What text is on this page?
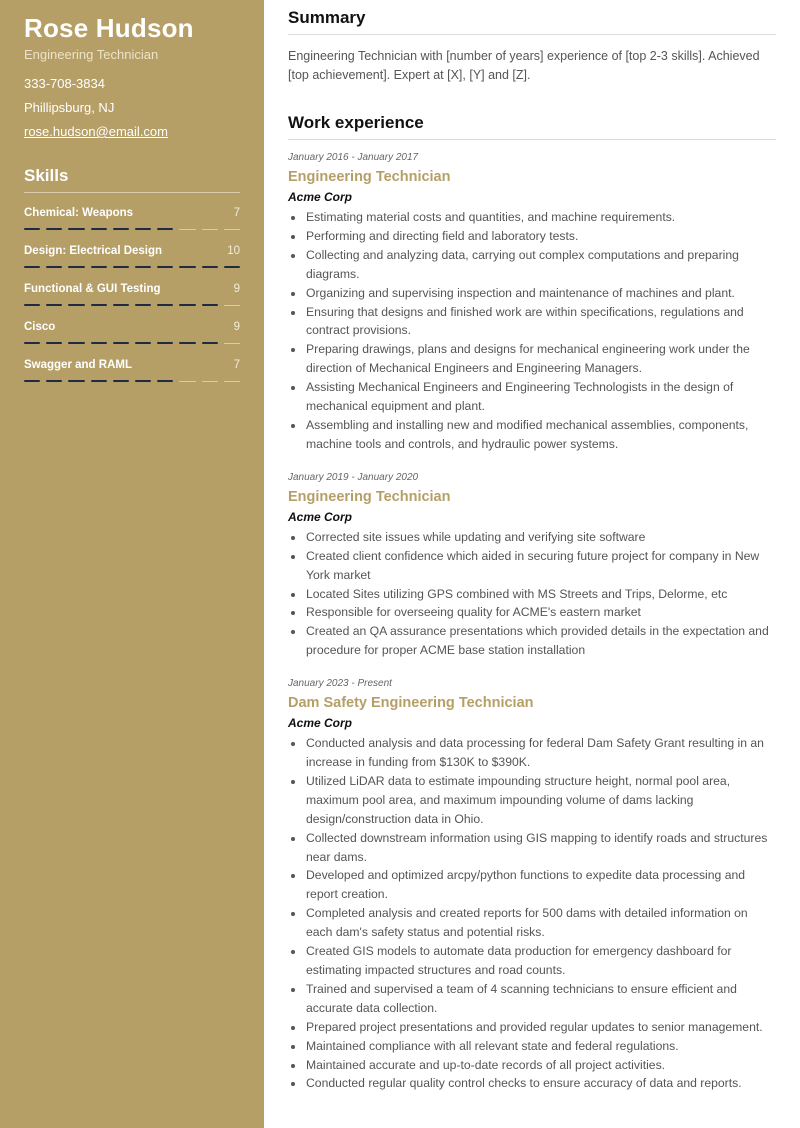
Rose Hudson
Engineering Technician

333-708-3834

Phillipsburg, NJ

rose.hudson@email.com

Skills
Chemical: Weapons	7
Design: Electrical Design	10
Functional & GUI Testing	9
Cisco	9
Swagger and RAML	7
Summary

Engineering Technician with [number of years] experience of [top 2-3 skills]. Achieved [top achievement]. Expert at [X], [Y] and [Z].

Work experience
January 2016 - January 2017
Engineering Technician
Acme Corp
• Estimating material costs and quantities, and machine requirements.
• Performing and directing field and laboratory tests.
• Collecting and analyzing data, carrying out complex computations and preparing diagrams.
• Organizing and supervising inspection and maintenance of machines and plant.
• Ensuring that designs and finished work are within specifications, regulations and contract provisions.
• Preparing drawings, plans and designs for mechanical engineering work under the direction of Mechanical Engineers and Engineering Managers.
• Assisting Mechanical Engineers and Engineering Technologists in the design of mechanical equipment and plant.
• Assembling and installing new and modified mechanical assemblies, components, machine tools and controls, and hydraulic power systems.
January 2019 - January 2020
Engineering Technician
Acme Corp
• Corrected site issues while updating and verifying site software
• Created client confidence which aided in securing future project for company in New York market
• Located Sites utilizing GPS combined with MS Streets and Trips, Delorme, etc
• Responsible for overseeing quality for ACME's eastern market
• Created an QA assurance presentations which provided details in the expectation and procedure for proper ACME base station installation
January 2023 - Present
Dam Safety Engineering Technician
Acme Corp
• Conducted analysis and data processing for federal Dam Safety Grant resulting in an increase in funding from $130K to $390K.
• Utilized LiDAR data to estimate impounding structure height, normal pool area, maximum pool area, and maximum impounding volume of dams lacking design/construction data in Ohio.
• Collected downstream information using GIS mapping to identify roads and structures near dams.
• Developed and optimized arcpy/python functions to expedite data processing and report creation.
• Completed analysis and created reports for 500 dams with detailed information on each dam's safety status and potential risks.
• Created GIS models to automate data production for emergency dashboard for estimating impacted structures and road counts.
• Trained and supervised a team of 4 scanning technicians to ensure efficient and accurate data collection.
• Prepared project presentations and provided regular updates to senior management.
• Maintained compliance with all relevant state and federal regulations.
• Maintained accurate and up-to-date records of all project activities.
• Conducted regular quality control checks to ensure accuracy of data and reports.
